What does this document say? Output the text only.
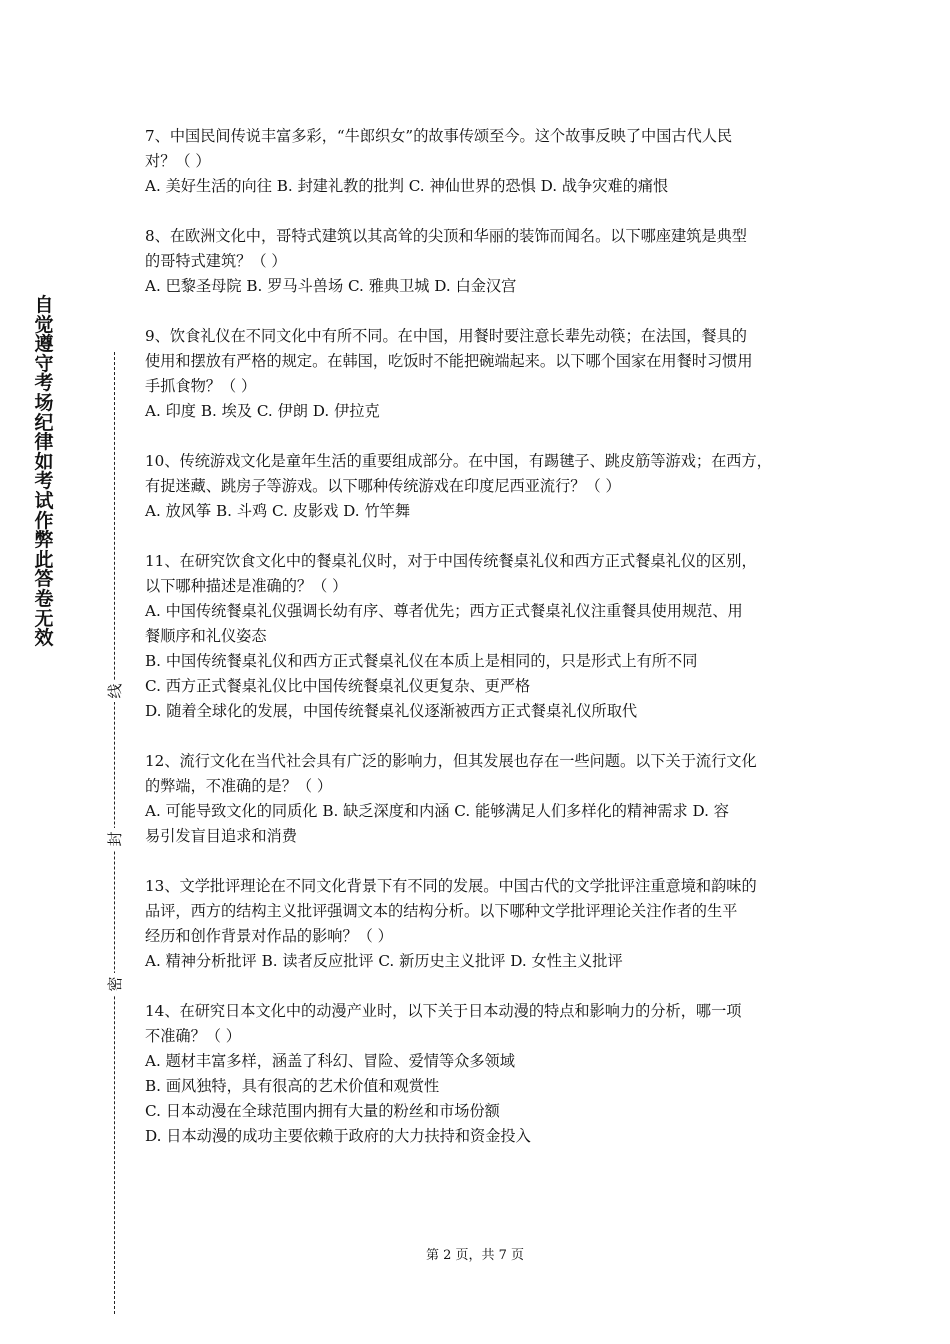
自觉遵守考场纪律如考试作弊此答卷无效
线
封
密
7、中国民间传说丰富多彩，“牛郎织女”的故事传颂至今。这个故事反映了中国古代人民
对？（ ）
A. 美好生活的向往 B. 封建礼教的批判 C. 神仙世界的恐惧 D. 战争灾难的痛恨
8、在欧洲文化中，哥特式建筑以其高耸的尖顶和华丽的装饰而闻名。以下哪座建筑是典型
的哥特式建筑？（ ）
A. 巴黎圣母院 B. 罗马斗兽场 C. 雅典卫城 D. 白金汉宫
9、饮食礼仪在不同文化中有所不同。在中国，用餐时要注意长辈先动筷；在法国，餐具的
使用和摆放有严格的规定。在韩国，吃饭时不能把碗端起来。以下哪个国家在用餐时习惯用
手抓食物？（ ）
A. 印度 B. 埃及 C. 伊朗 D. 伊拉克
10、传统游戏文化是童年生活的重要组成部分。在中国，有踢毽子、跳皮筋等游戏；在西方，
有捉迷藏、跳房子等游戏。以下哪种传统游戏在印度尼西亚流行？（ ）
A. 放风筝 B. 斗鸡 C. 皮影戏 D. 竹竿舞
11、在研究饮食文化中的餐桌礼仪时，对于中国传统餐桌礼仪和西方正式餐桌礼仪的区别，
以下哪种描述是准确的？（ ）
A. 中国传统餐桌礼仪强调长幼有序、尊者优先；西方正式餐桌礼仪注重餐具使用规范、用
餐顺序和礼仪姿态
B. 中国传统餐桌礼仪和西方正式餐桌礼仪在本质上是相同的，只是形式上有所不同
C. 西方正式餐桌礼仪比中国传统餐桌礼仪更复杂、更严格
D. 随着全球化的发展，中国传统餐桌礼仪逐渐被西方正式餐桌礼仪所取代
12、流行文化在当代社会具有广泛的影响力，但其发展也存在一些问题。以下关于流行文化
的弊端，不准确的是？（ ）
A. 可能导致文化的同质化 B. 缺乏深度和内涵 C. 能够满足人们多样化的精神需求 D. 容
易引发盲目追求和消费
13、文学批评理论在不同文化背景下有不同的发展。中国古代的文学批评注重意境和韵味的
品评，西方的结构主义批评强调文本的结构分析。以下哪种文学批评理论关注作者的生平
经历和创作背景对作品的影响？（ ）
A. 精神分析批评 B. 读者反应批评 C. 新历史主义批评 D. 女性主义批评
14、在研究日本文化中的动漫产业时，以下关于日本动漫的特点和影响力的分析，哪一项
不准确？（ ）
A. 题材丰富多样，涵盖了科幻、冒险、爱情等众多领域
B. 画风独特，具有很高的艺术价值和观赏性
C. 日本动漫在全球范围内拥有大量的粉丝和市场份额
D. 日本动漫的成功主要依赖于政府的大力扶持和资金投入
第 2 页，共 7 页
